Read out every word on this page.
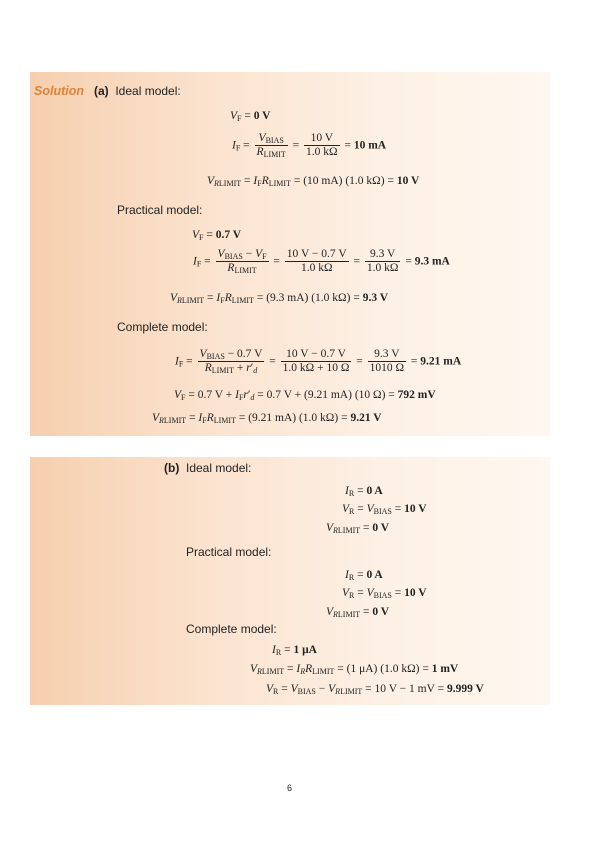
Solution (a) Ideal model:
$V_F = 0$ V
$I_F = \frac{V_{BIAS}}{R_{LIMIT}} = \frac{10 V}{1.0 k\Omega} = 10$ mA
$V_{RLIMIT} = I_FR_{LIMIT} = (10$ mA) (1.0 kΩ) = 10 V
Practical model:
$V_F = 0.7$ V
$I_F = \frac{V_{BIAS} - V_F}{R_{LIMIT}} = \frac{10 V - 0.7 V}{1.0 k\Omega} = \frac{9.3 V}{1.0 k\Omega} = 9.3$ mA
$V_{RLIMIT} = I_FR_{LIMIT} = (9.3$ mA) (1.0 kΩ) = 9.3 V
Complete model:
$I_F = \frac{V_{BIAS} - 0.7 V}{R_{LIMIT} + r'_d} = \frac{10 V - 0.7 V}{1.0 k\Omega + 10 \Omega} = \frac{9.3 V}{1010 \Omega} = 9.21$ mA
$V_F = 0.7$ $V + I_Fr'_d = 0.7$ V + (9.21 mA) (10 Ω) = 792 mV
$V_{RLIMIT} = I_FR_{LIMIT} = (9.21$ mA) (1.0 kΩ) = 9.21 V
(b) Ideal model:
$I_R = 0$ A
$V_R = V_{BIAS} = 10$ V
$V_{RLIMIT} = 0$ V
Practical model:
$I_R = 0$ A
$V_R = V_{BIAS} = 10$ V
$V_{RLIMIT} = 0$ V
Complete model:
$I_R = 1$ μA
$V_{RLIMIT} = I_RR_{LIMIT} = (1$ μA) (1.0 kΩ) = 1 mV
$V_R = V_{BIAS} - V_{RLIMIT} = 10$ V − 1 mV = 9.999 V
6
